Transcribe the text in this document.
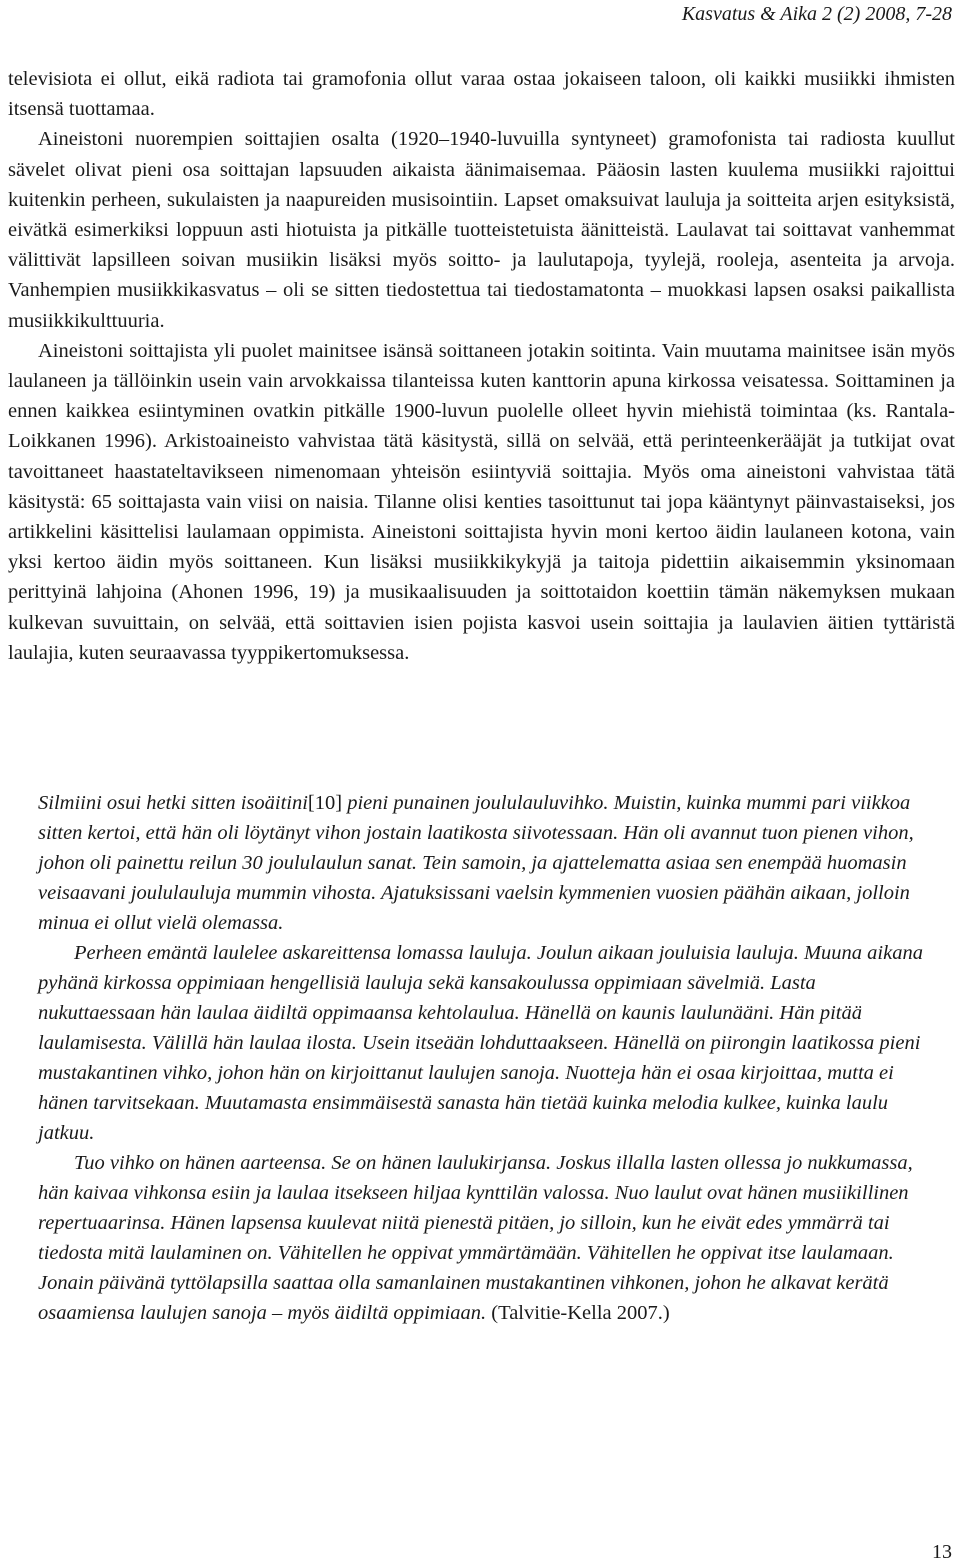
Kasvatus & Aika 2 (2) 2008, 7-28

televisiota ei ollut, eikä radiota tai gramofonia ollut varaa ostaa jokaiseen taloon, oli kaikki musiikki ihmisten itsensä tuottamaa.

Aineistoni nuorempien soittajien osalta (1920–1940-luvuilla syntyneet) gramofonista tai radiosta kuullut sävelet olivat pieni osa soittajan lapsuuden aikaista äänimaisemaa. Pääosin lasten kuulema musiikki rajoittui kuitenkin perheen, sukulaisten ja naapureiden musisointiin. Lapset omaksuivat lauluja ja soitteita arjen esityksistä, eivätkä esimerkiksi loppuun asti hiotuista ja pitkälle tuotteistetuista äänitteistä. Laulavat tai soittavat vanhemmat välittivät lapsilleen soivan musiikin lisäksi myös soitto- ja laulutapoja, tyylejä, rooleja, asenteita ja arvoja. Vanhempien musiikkikasvatus – oli se sitten tiedostettua tai tiedostamatonta – muokkasi lapsen osaksi paikallista musiikkikulttuuria.

Aineistoni soittajista yli puolet mainitsee isänsä soittaneen jotakin soitinta. Vain muutama mainitsee isän myös laulaneen ja tällöinkin usein vain arvokkaissa tilanteissa kuten kanttorin apuna kirkossa veisatessa. Soittaminen ja ennen kaikkea esiintyminen ovatkin pitkälle 1900-luvun puolelle olleet hyvin miehistä toimintaa (ks. Rantala-Loikkanen 1996). Arkistoaineisto vahvistaa tätä käsitystä, sillä on selvää, että perinteenkerääjät ja tutkijat ovat tavoittaneet haastateltavikseen nimenomaan yhteisön esiintyviä soittajia. Myös oma aineistoni vahvistaa tätä käsitystä: 65 soittajasta vain viisi on naisia. Tilanne olisi kenties tasoittunut tai jopa kääntynyt päinvastaiseksi, jos artikkelini käsittelisi laulamaan oppimista. Aineistoni soittajista hyvin moni kertoo äidin laulaneen kotona, vain yksi kertoo äidin myös soittaneen. Kun lisäksi musiikkikykyjä ja taitoja pidettiin aikaisemmin yksinomaan perittyinä lahjoina (Ahonen 1996, 19) ja musikaalisuuden ja soittotaidon koettiin tämän näkemyksen mukaan kulkevan suvuittain, on selvää, että soittavien isien pojista kasvoi usein soittajia ja laulavien äitien tyttäristä laulajia, kuten seuraavassa tyyppikertomuksessa.

Silmiini osui hetki sitten isoäitini[10] pieni punainen joululauluvihko. Muistin, kuinka mummi pari viikkoa sitten kertoi, että hän oli löytänyt vihon jostain laatikosta siivotessaan. Hän oli avannut tuon pienen vihon, johon oli painettu reilun 30 joululaulun sanat. Tein samoin, ja ajattelematta asiaa sen enempää huomasin veisaavani joululauluja mummin vihosta. Ajatuksissani vaelsin kymmenien vuosien päähän aikaan, jolloin minua ei ollut vielä olemassa.

Perheen emäntä laulelee askareittensa lomassa lauluja. Joulun aikaan jouluisia lauluja. Muuna aikana pyhänä kirkossa oppimiaan hengellisiä lauluja sekä kansakoulussa oppimiaan sävelmiä. Lasta nukuttaessaan hän laulaa äidiltä oppimaansa kehtolaulua. Hänellä on kaunis laulunääni. Hän pitää laulamisesta. Välillä hän laulaa ilosta. Usein itseään lohduttaakseen. Hänellä on piirongin laatikossa pieni mustakantinen vihko, johon hän on kirjoittanut laulujen sanoja. Nuotteja hän ei osaa kirjoittaa, mutta ei hänen tarvitsekaan. Muutamasta ensimmäisestä sanasta hän tietää kuinka melodia kulkee, kuinka laulu jatkuu.

Tuo vihko on hänen aarteensa. Se on hänen laulukirjansa. Joskus illalla lasten ollessa jo nukkumassa, hän kaivaa vihkonsa esiin ja laulaa itsekseen hiljaa kynttilän valossa. Nuo laulut ovat hänen musiikillinen repertuaarinsa. Hänen lapsensa kuulevat niitä pienestä pitäen, jo silloin, kun he eivät edes ymmärrä tai tiedosta mitä laulaminen on. Vähitellen he oppivat ymmärtämään. Vähitellen he oppivat itse laulamaan. Jonain päivänä tyttölapsilla saattaa olla samanlainen mustakantinen vihkonen, johon he alkavat kerätä osaamiensa laulujen sanoja – myös äidiltä oppimiaan. (Talvitie-Kella 2007.)

13
